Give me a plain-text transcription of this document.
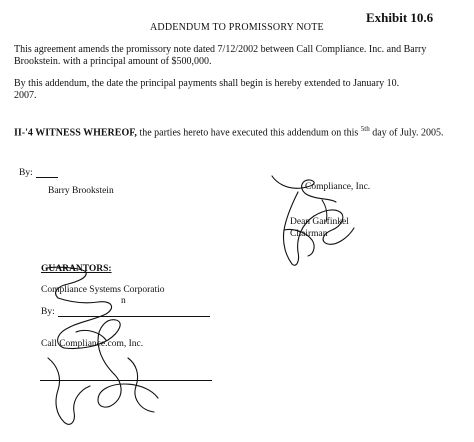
Exhibit 10.6
ADDENDUM TO PROMISSORY NOTE
This agreement amends the promissory note dated 7/12/2002 between Call Compliance. Inc. and Barry
Brookstein. with a principal amount of $500,000.
By this addendum, the date the principal payments shall begin is hereby extended to January 10.
2007.
II-'4 WITNESS WHEREOF, the parties hereto have executed this addendum on this $^{5th}$ day of July. 2005.
By:
Barry Brookstein	Compliance, Inc.
Dean Garfinkel
Chairman
GUARANTORS:
Compliance Systems Corporatio
n
By:
Call Compliance.com, Inc.
